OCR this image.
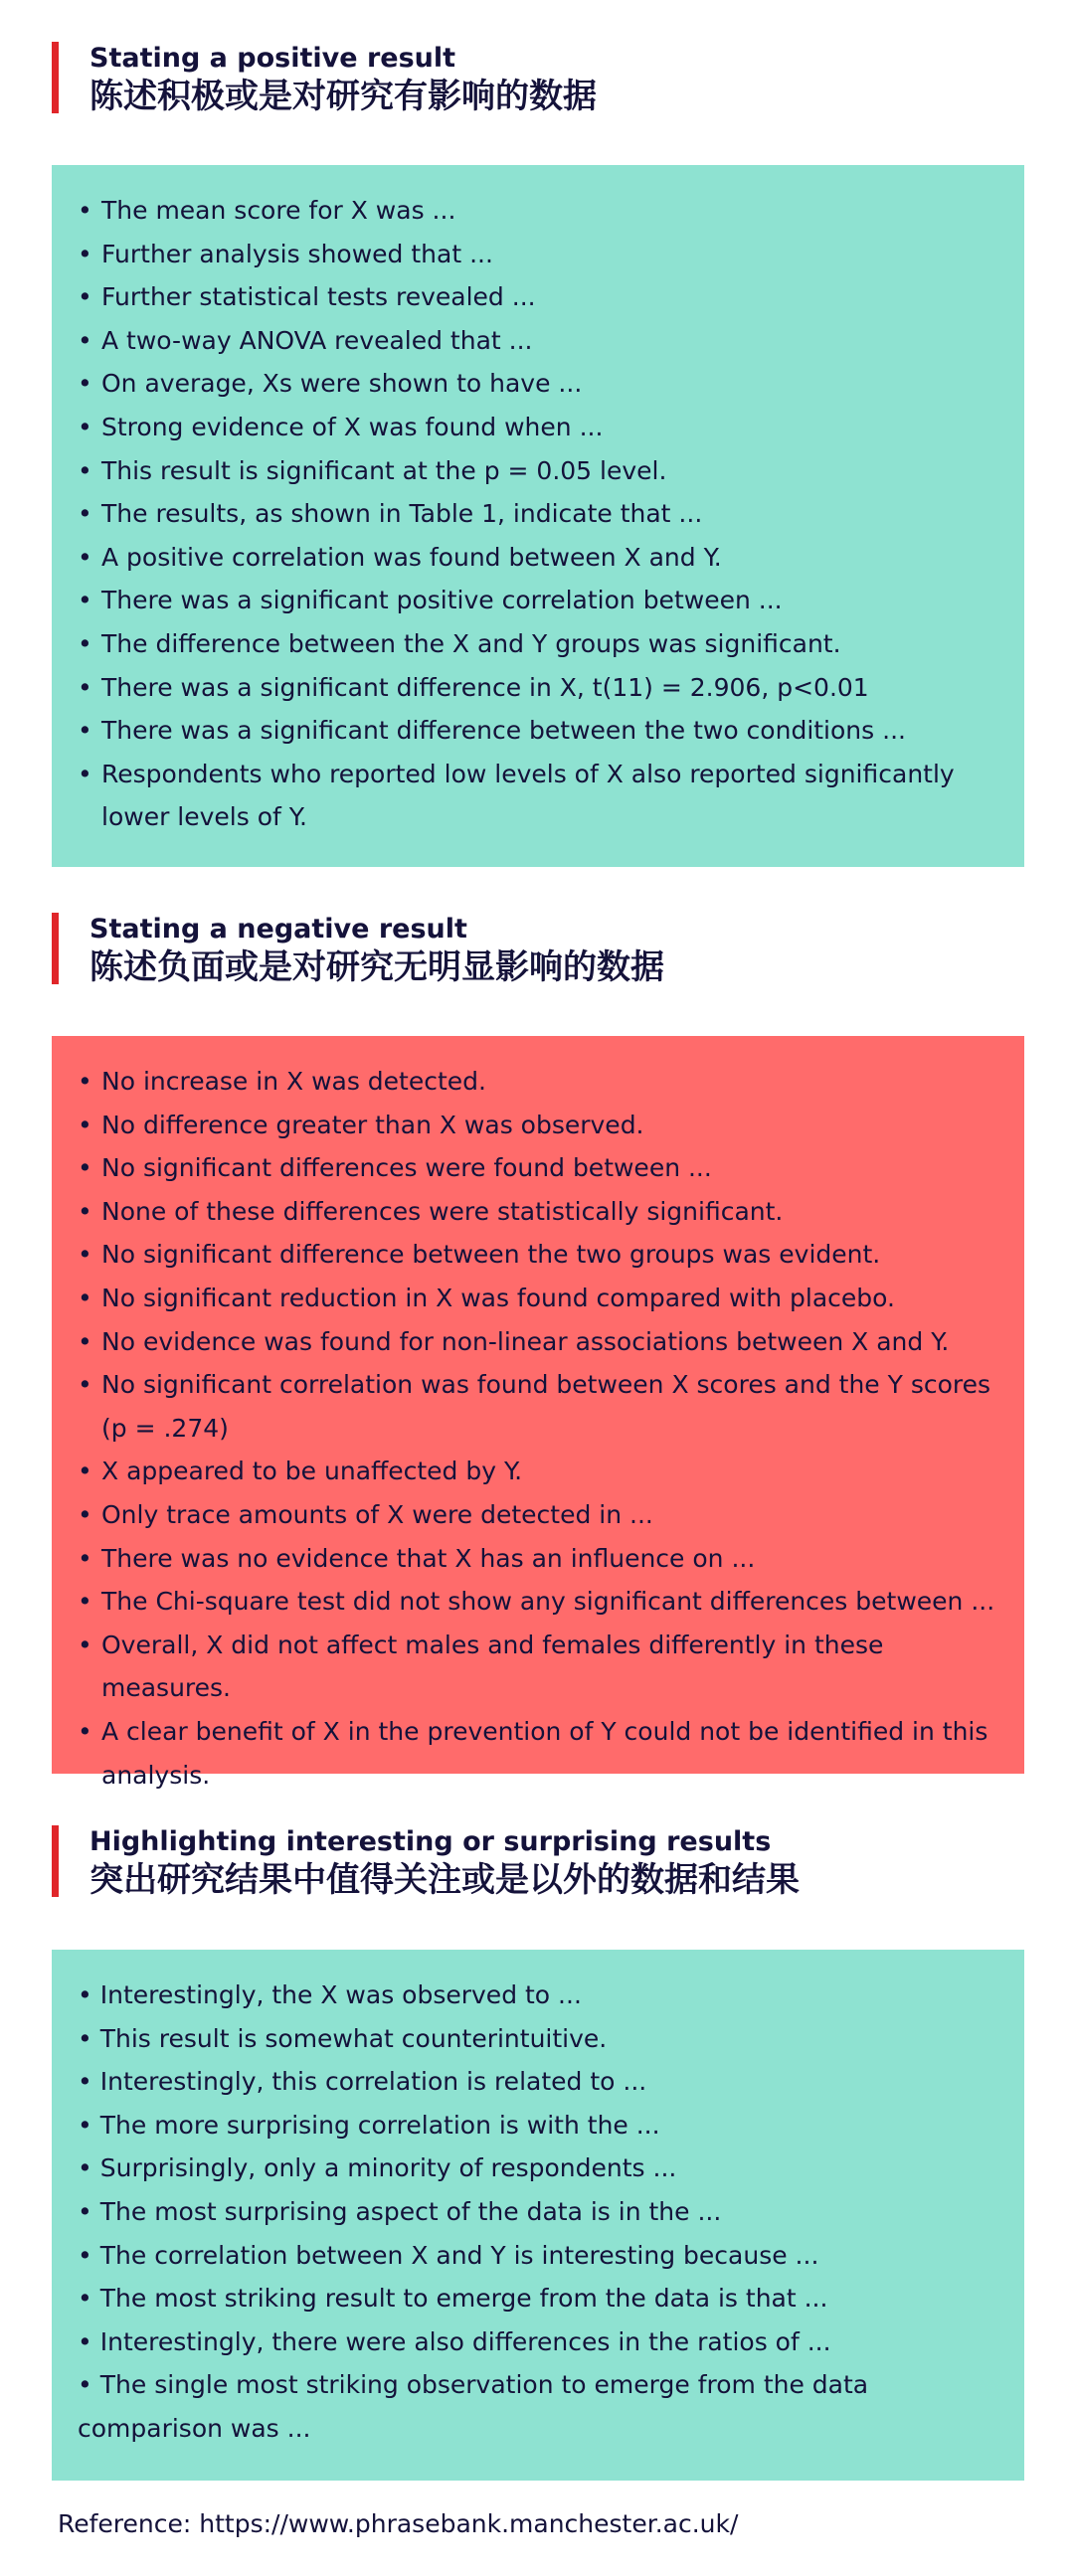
Stating a positive result
陈述积极或是对研究有影响的数据
• The mean score for X was ...
• Further analysis showed that ...
• Further statistical tests revealed ...
• A two-way ANOVA revealed that ...
• On average, Xs were shown to have ...
• Strong evidence of X was found when ...
• This result is significant at the p = 0.05 level.
• The results, as shown in Table 1, indicate that ...
• A positive correlation was found between X and Y.
• There was a significant positive correlation between ...
• The difference between the X and Y groups was significant.
• There was a significant difference in X, t(11) = 2.906, p<0.01
• There was a significant difference between the two conditions ...
• Respondents who reported low levels of X also reported significantly lower levels of Y.
Stating a negative result
陈述负面或是对研究无明显影响的数据
• No increase in X was detected.
• No difference greater than X was observed.
• No significant differences were found between ...
• None of these differences were statistically significant.
• No significant difference between the two groups was evident.
• No significant reduction in X was found compared with placebo.
• No evidence was found for non-linear associations between X and Y.
• No significant correlation was found between X scores and the Y scores (p = .274)
• X appeared to be unaffected by Y.
• Only trace amounts of X were detected in ...
• There was no evidence that X has an influence on ...
• The Chi-square test did not show any significant differences between ...
• Overall, X did not affect males and females differently in these measures.
• A clear benefit of X in the prevention of Y could not be identified in this analysis.
Highlighting interesting or surprising results
突出研究结果中值得关注或是以外的数据和结果
• Interestingly, the X was observed to ...
• This result is somewhat counterintuitive.
• Interestingly, this correlation is related to ...
• The more surprising correlation is with the ...
• Surprisingly, only a minority of respondents ...
• The most surprising aspect of the data is in the ...
• The correlation between X and Y is interesting because ...
• The most striking result to emerge from the data is that ...
• Interestingly, there were also differences in the ratios of ...
• The single most striking observation to emerge from the data comparison was ...
Reference: https://www.phrasebank.manchester.ac.uk/
